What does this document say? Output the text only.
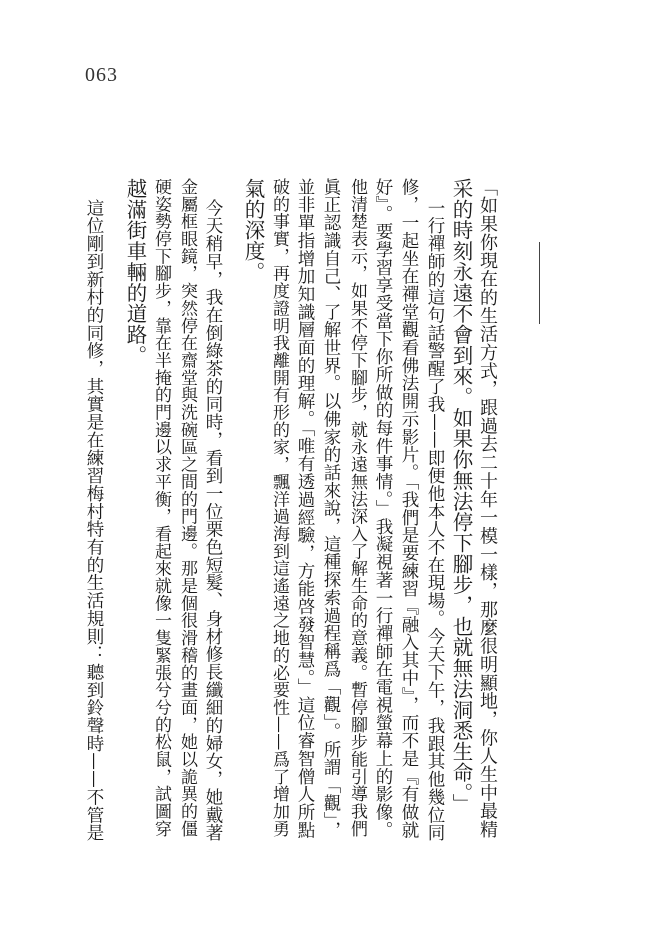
063
「如果你現在的生活方式，跟過去二十年一模一樣，那麼很明顯地，你人生中最精
采的時刻永遠不會到來。如果你無法停下腳步，也就無法洞悉生命。」
一行禪師的這句話警醒了我——即便他本人不在現場。今天下午，我跟其他幾位同
修，一起坐在禪堂觀看佛法開示影片。「我們是要練習『融入其中』，而不是『有做就
好』。要學習享受當下你所做的每件事情。」我凝視著一行禪師在電視螢幕上的影像。
他清楚表示，如果不停下腳步，就永遠無法深入了解生命的意義。暫停腳步能引導我們
眞正認識自己、了解世界。以佛家的話來說，這種探索過程稱爲「觀」。所謂「觀」，
並非單指增加知識層面的理解。「唯有透過經驗，方能啓發智慧。」這位睿智僧人所點
破的事實，再度證明我離開有形的家，飄洋過海到這遙遠之地的必要性——爲了增加勇
氣的深度。
今天稍早，我在倒綠茶的同時，看到一位栗色短髮、身材修長纖細的婦女，她戴著
金屬框眼鏡，突然停在齋堂與洗碗區之間的門邊。那是個很滑稽的畫面，她以詭異的僵
硬姿勢停下腳步，靠在半掩的門邊以求平衡，看起來就像一隻緊張兮兮的松鼠，試圖穿
越滿街車輛的道路。
這位剛到新村的同修，其實是在練習梅村特有的生活規則：聽到鈴聲時——不管是
